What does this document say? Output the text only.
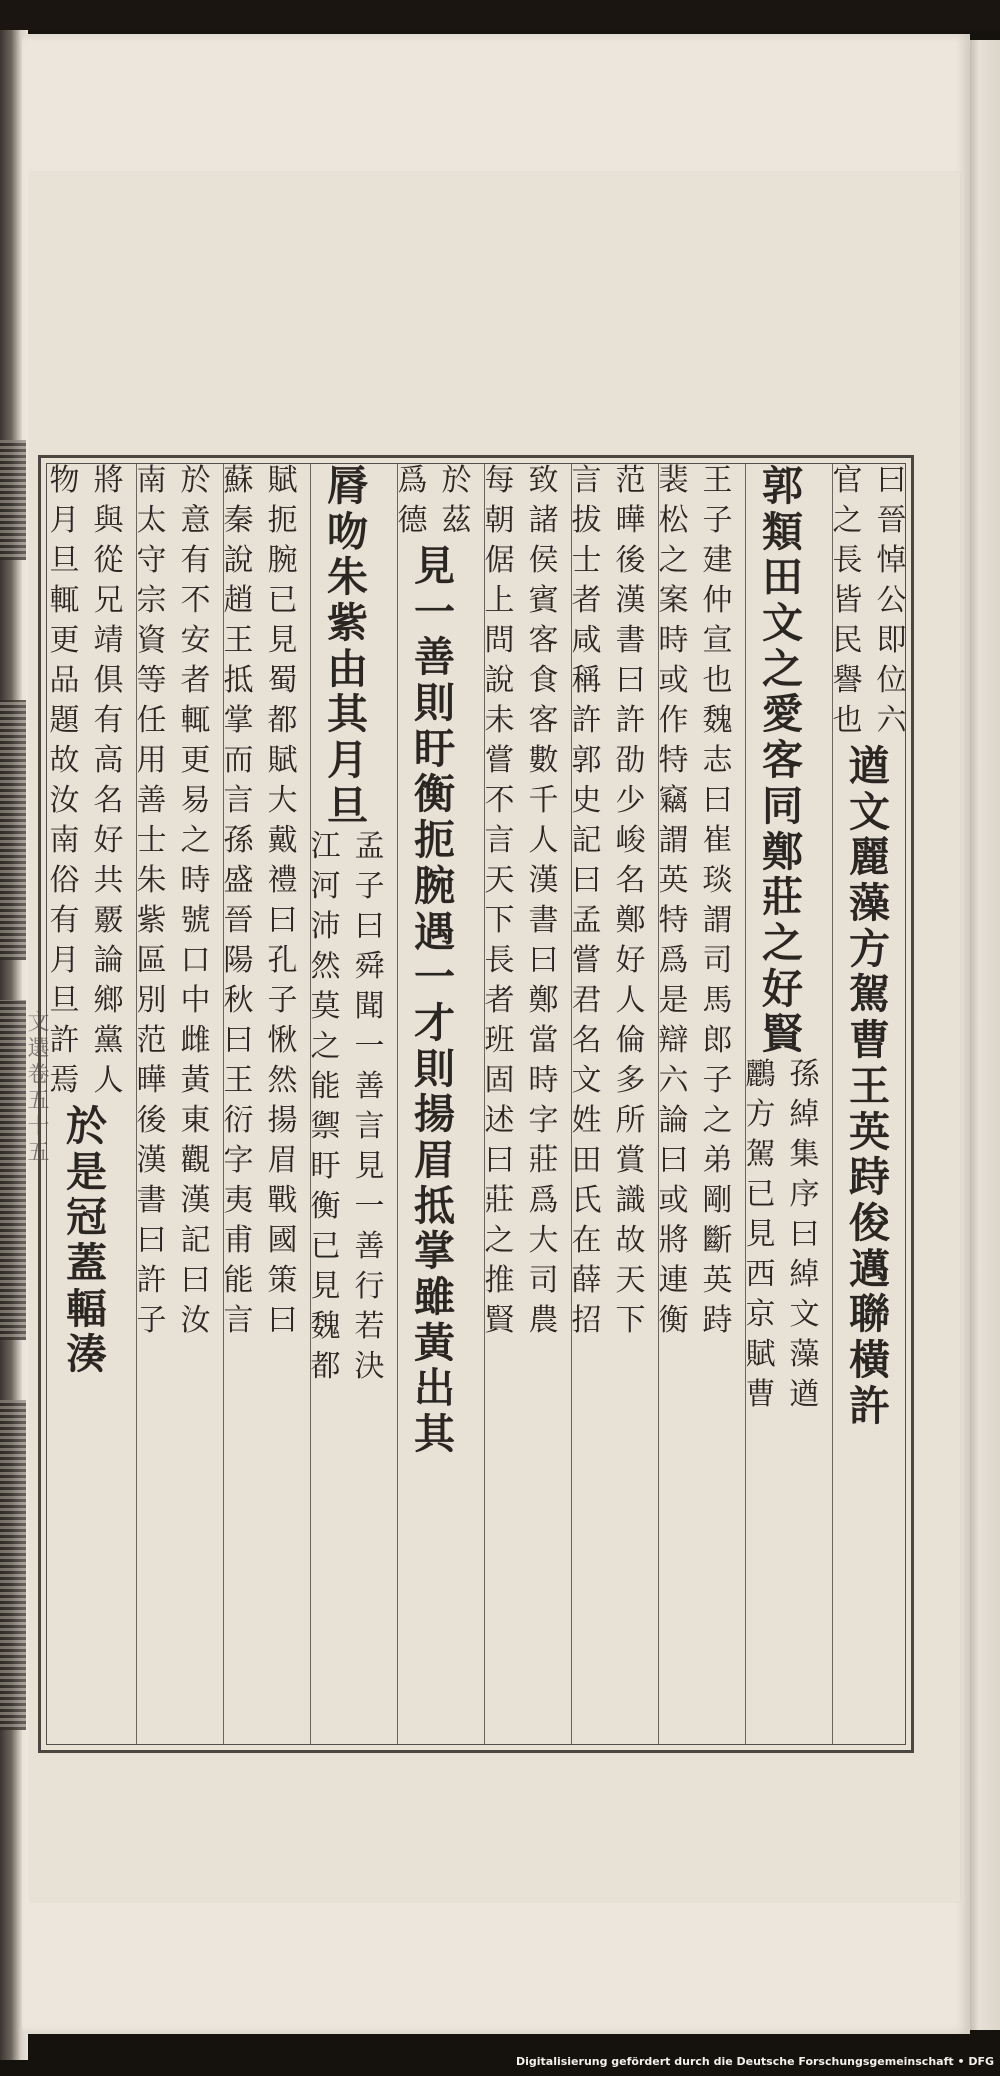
文選卷五十五
曰
晉
悼
公
即
位
六
官
之
長
皆
民
譽
也
遒
文
麗
藻
方
駕
曹
王
英
跱
俊
邁
聯
橫
許
郭
類
田
文
之
愛
客
同
鄭
莊
之
好
賢
孫
綽
集
序
曰
綽
文
藻
遒
鸝
方
駕
已
見
西
京
賦
曹
王
子
建
仲
宣
也
魏
志
曰
崔
琰
謂
司
馬
郎
子
之
弟
剛
斷
英
跱
裴
松
之
案
時
或
作
特
竊
謂
英
特
爲
是
辯
六
論
曰
或
將
連
衡
范
曄
後
漢
書
曰
許
劭
少
峻
名
鄭
好
人
倫
多
所
賞
識
故
天
下
言
拔
士
者
咸
稱
許
郭
史
記
曰
孟
嘗
君
名
文
姓
田
氏
在
薛
招
致
諸
侯
賓
客
食
客
數
千
人
漢
書
曰
鄭
當
時
字
莊
爲
大
司
農
每
朝
倨
上
問
說
未
嘗
不
言
天
下
長
者
班
固
述
曰
莊
之
推
賢
於
茲
爲
德
見
一
善
則
盱
衡
扼
腕
遇
一
才
則
揚
眉
抵
掌
雖
黃
出
其
脣
吻
朱
紫
由
其
月
旦
孟
子
曰
舜
聞
一
善
言
見
一
善
行
若
決
江
河
沛
然
莫
之
能
禦
盱
衡
已
見
魏
都
賦
扼
腕
已
見
蜀
都
賦
大
戴
禮
曰
孔
子
愀
然
揚
眉
戰
國
策
曰
蘇
秦
說
趙
王
抵
掌
而
言
孫
盛
晉
陽
秋
曰
王
衍
字
夷
甫
能
言
於
意
有
不
安
者
輒
更
易
之
時
號
口
中
雌
黃
東
觀
漢
記
曰
汝
南
太
守
宗
資
等
任
用
善
士
朱
紫
區
別
范
曄
後
漢
書
曰
許
子
將
與
從
兄
靖
俱
有
高
名
好
共
覈
論
鄉
黨
人
物
月
旦
輒
更
品
題
故
汝
南
俗
有
月
旦
許
焉
於
是
冠
蓋
輻
湊
Digitalisierung gefördert durch die Deutsche Forschungsgemeinschaft • DFG
